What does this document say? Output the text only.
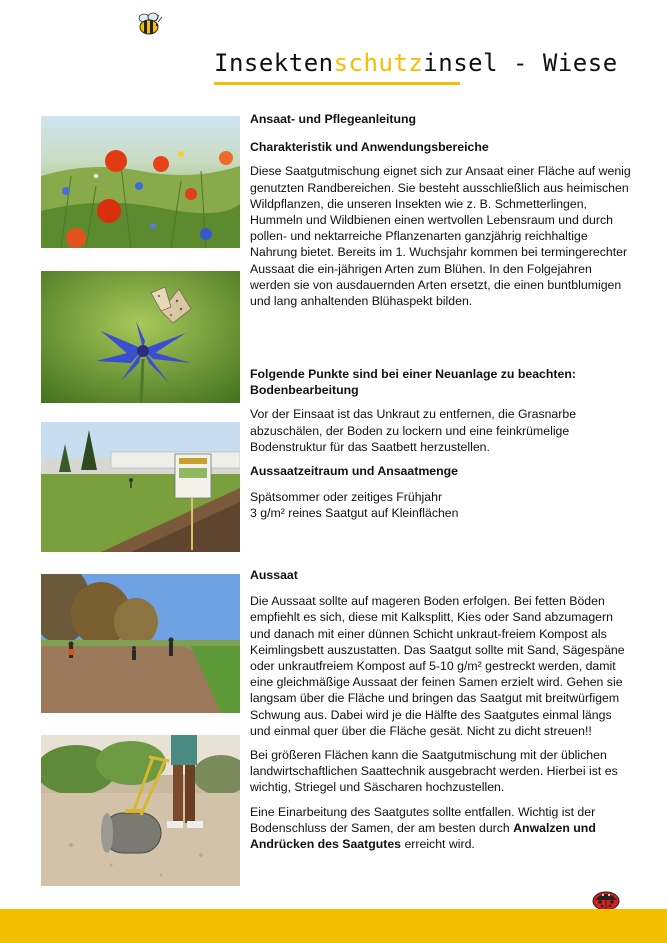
Insektenschutzinsel - Wiese

Ansaat- und Pflegeanleitung

Charakteristik und Anwendungsbereiche

Diese Saatgutmischung eignet sich zur Ansaat einer Fläche auf wenig genutzten Randbereichen. Sie besteht ausschließlich aus heimischen Wildpflanzen, die unseren Insekten wie z. B. Schmetterlingen, Hummeln und Wildbienen einen wertvollen Lebensraum und durch pollen- und nektarreiche Pflanzenarten ganzjährig reichhaltige Nahrung bietet. Bereits im 1. Wuchsjahr kommen bei termingerechter Aussaat die ein-jährigen Arten zum Blühen. In den Folgejahren werden sie von ausdauernden Arten ersetzt, die einen buntblumigen und lang anhaltenden Blühaspekt bilden.

Folgende Punkte sind bei einer Neuanlage zu beachten:

Bodenbearbeitung

Vor der Einsaat ist das Unkraut zu entfernen, die Grasnarbe abzuschälen, der Boden zu lockern und eine feinkrümelige Bodenstruktur für das Saatbett herzustellen.

Aussaatzeitraum und Ansaatmenge

Spätsommer oder zeitiges Frühjahr

3 g/m² reines Saatgut auf Kleinflächen

Aussaat

Die Aussaat sollte auf mageren Boden erfolgen. Bei fetten Böden empfiehlt es sich, diese mit Kalksplitt, Kies oder Sand abzumagern und danach mit einer dünnen Schicht unkraut-freiem Kompost als Keimlingsbett auszustatten. Das Saatgut sollte mit Sand, Sägespäne oder unkrautfreiem Kompost auf 5-10 g/m² gestreckt werden, damit eine gleichmäßige Aussaat der feinen Samen erzielt wird. Gehen sie langsam über die Fläche und bringen das Saatgut mit breitwürfigem Schwung aus. Dabei wird je die Hälfte des Saatgutes einmal längs und einmal quer über die Fläche gesät. Nicht zu dicht streuen!!

Bei größeren Flächen kann die Saatgutmischung mit der üblichen landwirtschaftlichen Saattechnik ausgebracht werden. Hierbei ist es wichtig, Striegel und Säscharen hochzustellen.

Eine Einarbeitung des Saatgutes sollte entfallen. Wichtig ist der Bodenschluss der Samen, der am besten durch Anwalzen und Andrücken des Saatgutes erreicht wird.
